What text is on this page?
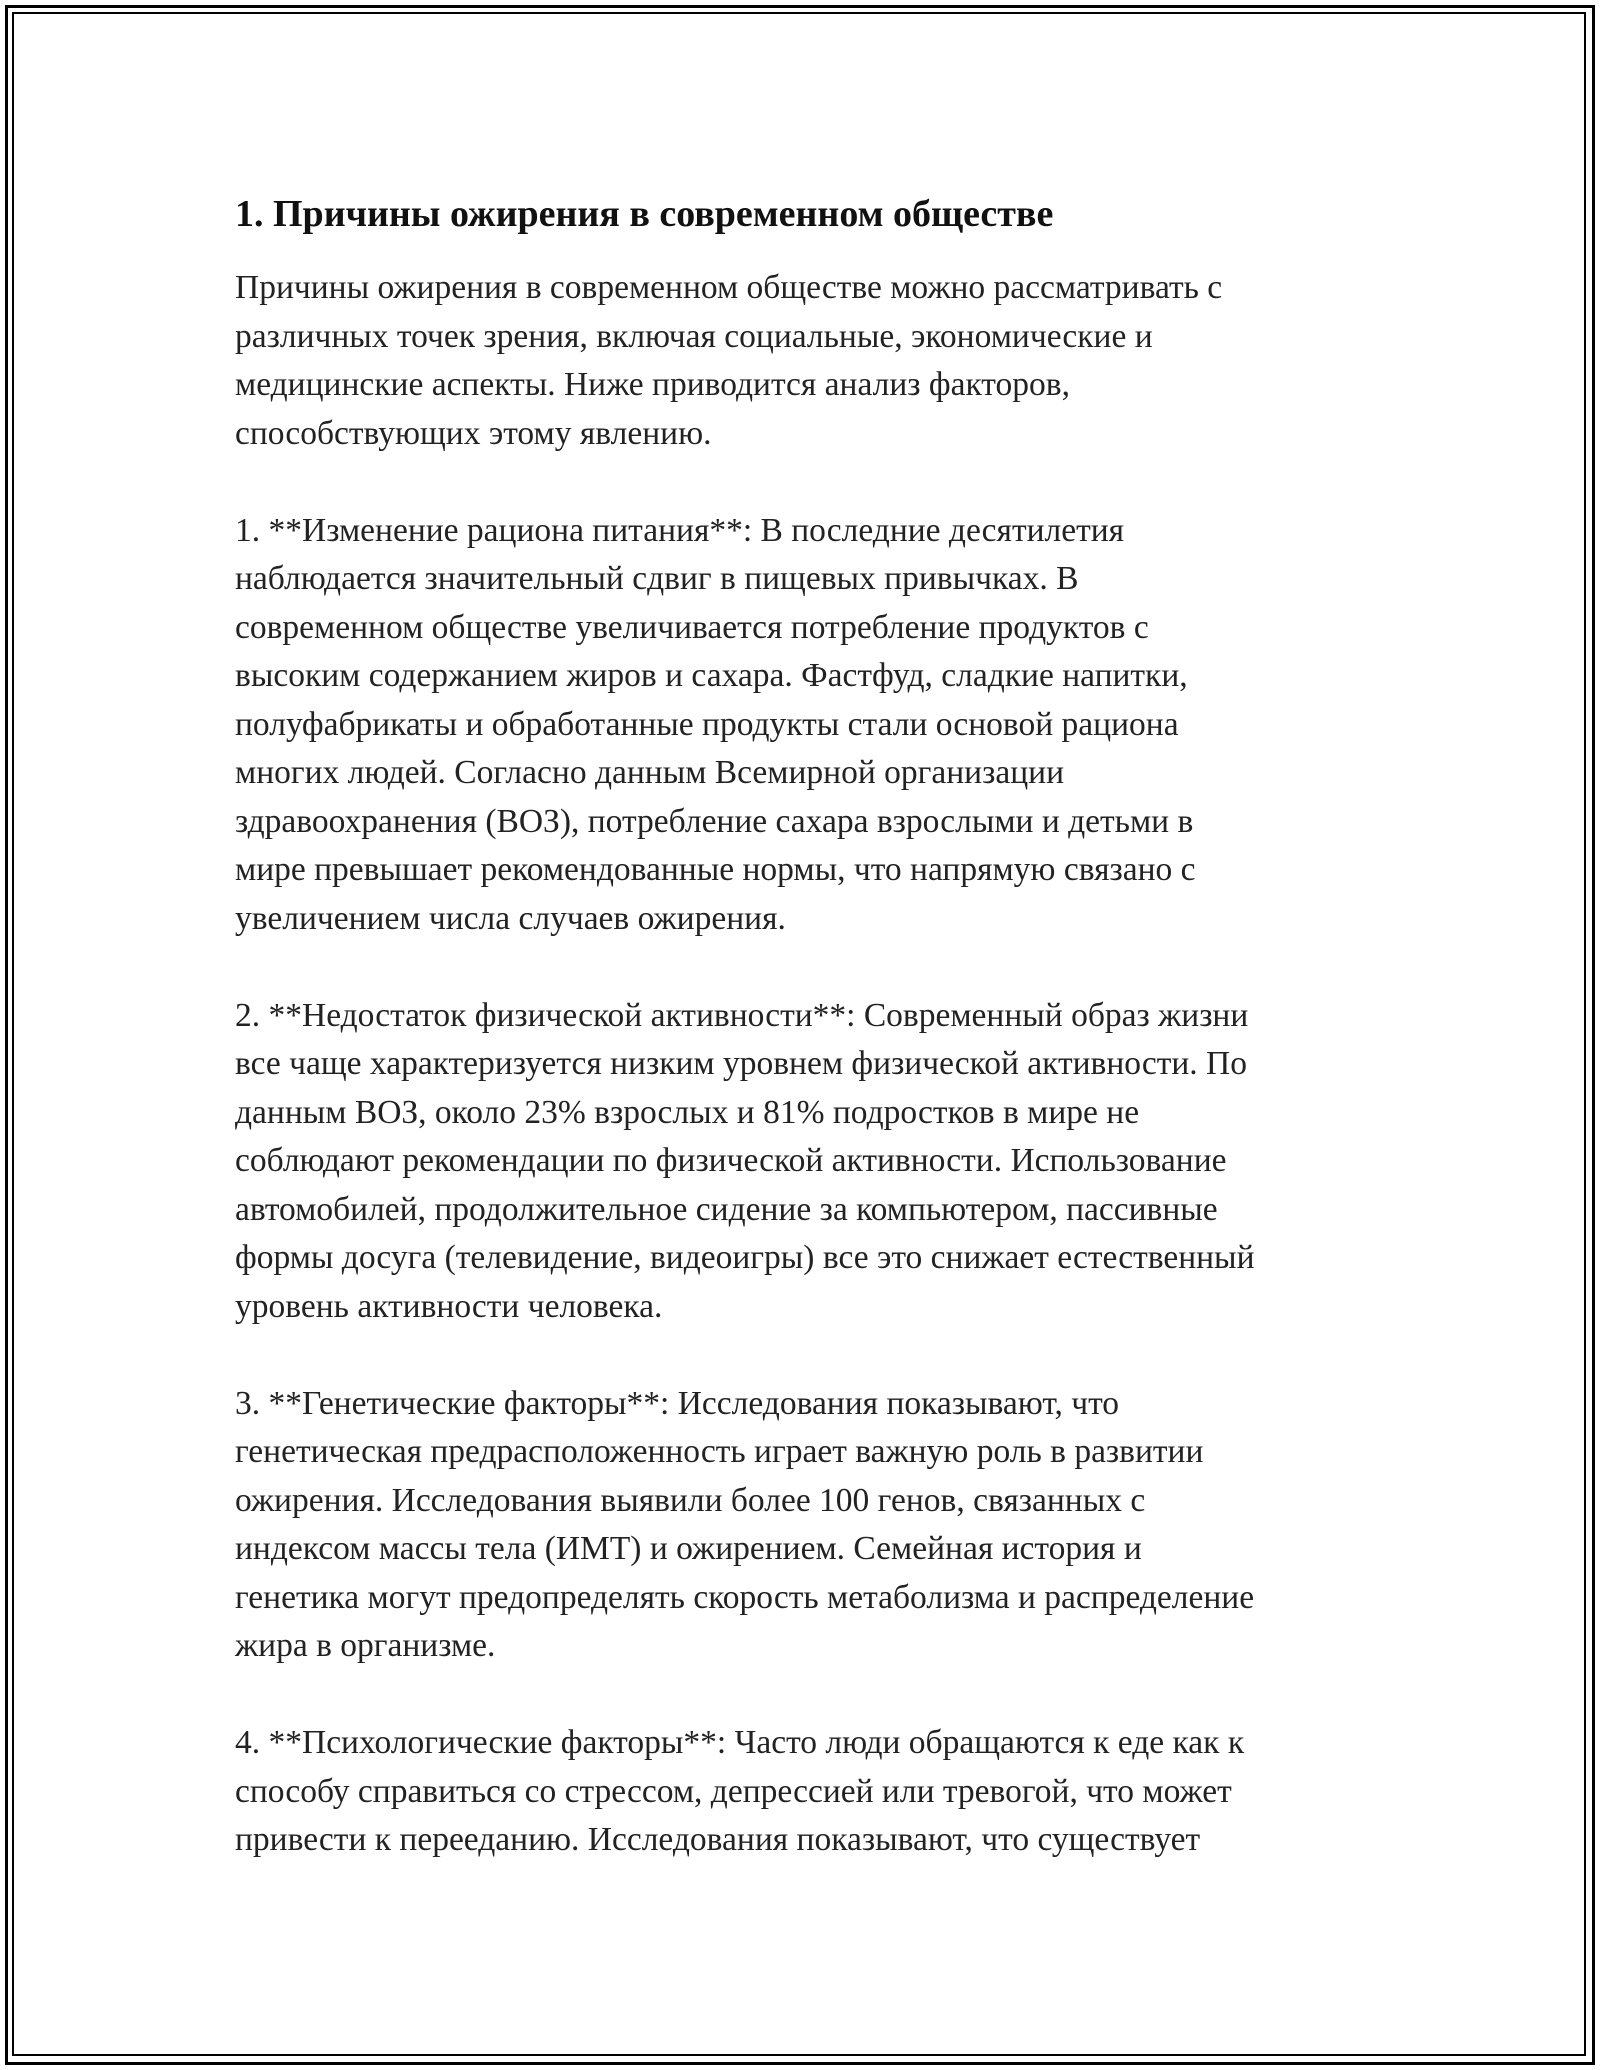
1. Причины ожирения в современном обществе

Причины ожирения в современном обществе можно рассматривать с
различных точек зрения, включая социальные, экономические и
медицинские аспекты. Ниже приводится анализ факторов,
способствующих этому явлению.

1. **Изменение рациона питания**: В последние десятилетия
наблюдается значительный сдвиг в пищевых привычках. В
современном обществе увеличивается потребление продуктов с
высоким содержанием жиров и сахара. Фастфуд, сладкие напитки,
полуфабрикаты и обработанные продукты стали основой рациона
многих людей. Согласно данным Всемирной организации
здравоохранения (ВОЗ), потребление сахара взрослыми и детьми в
мире превышает рекомендованные нормы, что напрямую связано с
увеличением числа случаев ожирения.

2. **Недостаток физической активности**: Современный образ жизни
все чаще характеризуется низким уровнем физической активности. По
данным ВОЗ, около 23% взрослых и 81% подростков в мире не
соблюдают рекомендации по физической активности. Использование
автомобилей, продолжительное сидение за компьютером, пассивные
формы досуга (телевидение, видеоигры) все это снижает естественный
уровень активности человека.

3. **Генетические факторы**: Исследования показывают, что
генетическая предрасположенность играет важную роль в развитии
ожирения. Исследования выявили более 100 генов, связанных с
индексом массы тела (ИМТ) и ожирением. Семейная история и
генетика могут предопределять скорость метаболизма и распределение
жира в организме.

4. **Психологические факторы**: Часто люди обращаются к еде как к
способу справиться со стрессом, депрессией или тревогой, что может
привести к перееданию. Исследования показывают, что существует
